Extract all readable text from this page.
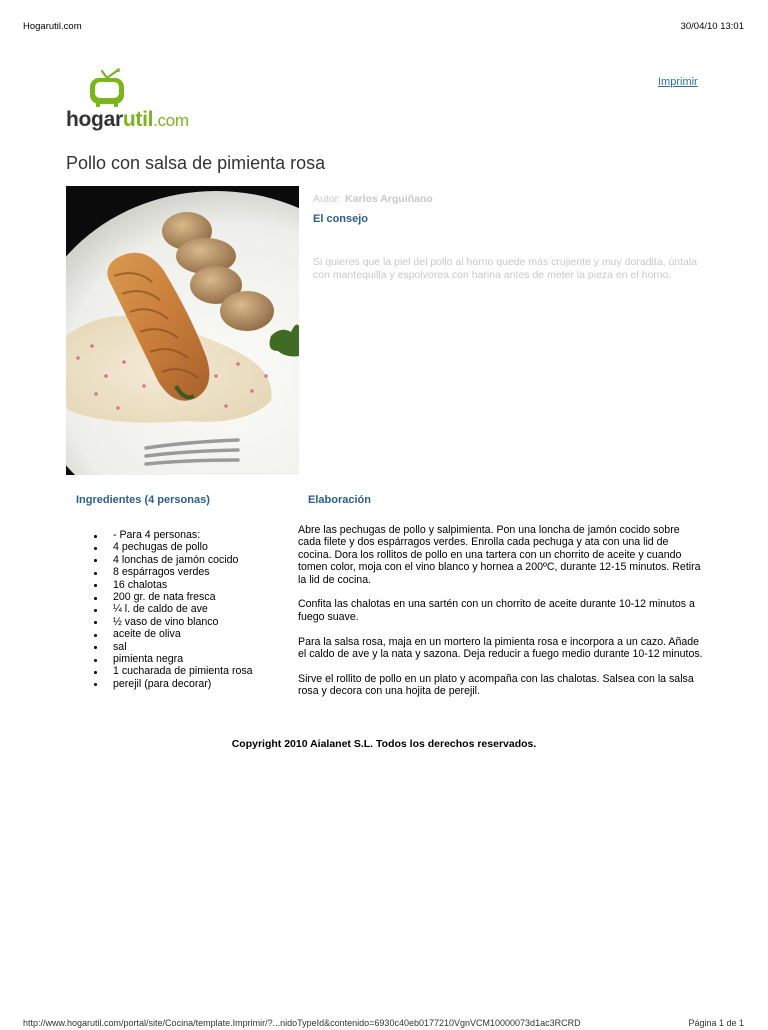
Hogarutil.com	30/04/10 13:01
hogarutil.com
Imprimir
Pollo con salsa de pimienta rosa
Autor: Karlos Arguiñano
El consejo
Si quieres que la piel del pollo al horno quede más crujiente y muy doradita, úntala con mantequilla y espolvorea con harina antes de meter la pieza en el horno.
Ingredientes (4 personas)	Elaboración
- Para 4 personas:
4 pechugas de pollo
4 lonchas de jamón cocido
8 espárragos verdes
16 chalotas
200 gr. de nata fresca
¼ l. de caldo de ave
½ vaso de vino blanco
aceite de oliva
sal
pimienta negra
1 cucharada de pimienta rosa
perejil (para decorar)

Abre las pechugas de pollo y salpimienta. Pon una loncha de jamón cocido sobre cada filete y dos espárragos verdes. Enrolla cada pechuga y ata con una lid de cocina. Dora los rollitos de pollo en una tartera con un chorrito de aceite y cuando tomen color, moja con el vino blanco y hornea a 200ºC, durante 12-15 minutos. Retira la lid de cocina.

Confita las chalotas en una sartén con un chorrito de aceite durante 10-12 minutos a fuego suave.

Para la salsa rosa, maja en un mortero la pimienta rosa e incorpora a un cazo. Añade el caldo de ave y la nata y sazona. Deja reducir a fuego medio durante 10-12 minutos.

Sirve el rollito de pollo en un plato y acompaña con las chalotas. Salsea con la salsa rosa y decora con una hojita de perejil.

Copyright 2010 Aialanet S.L. Todos los derechos reservados.
http://www.hogarutil.com/portal/site/Cocina/template.Imprimir/?...nidoTypeId&contenido=6930c40eb0177210VgnVCM10000073d1ac3RCRD	Página 1 de 1
